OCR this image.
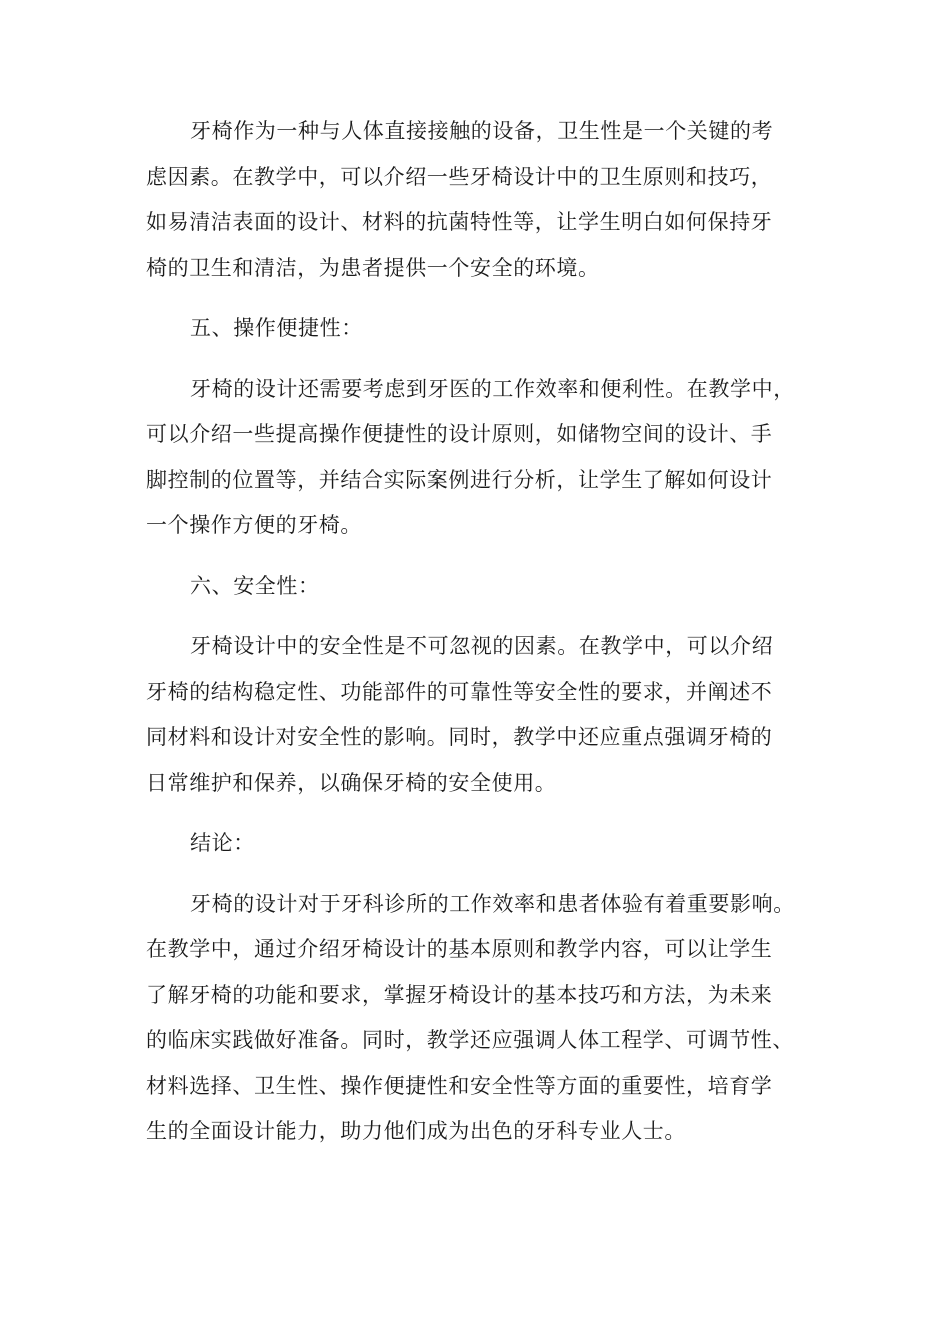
牙椅作为一种与人体直接接触的设备，卫生性是一个关键的考
虑因素。在教学中，可以介绍一些牙椅设计中的卫生原则和技巧，
如易清洁表面的设计、材料的抗菌特性等，让学生明白如何保持牙
椅的卫生和清洁，为患者提供一个安全的环境。
五、操作便捷性：
牙椅的设计还需要考虑到牙医的工作效率和便利性。在教学中，
可以介绍一些提高操作便捷性的设计原则，如储物空间的设计、手
脚控制的位置等，并结合实际案例进行分析，让学生了解如何设计
一个操作方便的牙椅。
六、安全性：
牙椅设计中的安全性是不可忽视的因素。在教学中，可以介绍
牙椅的结构稳定性、功能部件的可靠性等安全性的要求，并阐述不
同材料和设计对安全性的影响。同时，教学中还应重点强调牙椅的
日常维护和保养，以确保牙椅的安全使用。
结论：
牙椅的设计对于牙科诊所的工作效率和患者体验有着重要影响。
在教学中，通过介绍牙椅设计的基本原则和教学内容，可以让学生
了解牙椅的功能和要求，掌握牙椅设计的基本技巧和方法，为未来
的临床实践做好准备。同时，教学还应强调人体工程学、可调节性、
材料选择、卫生性、操作便捷性和安全性等方面的重要性，培育学
生的全面设计能力，助力他们成为出色的牙科专业人士。
